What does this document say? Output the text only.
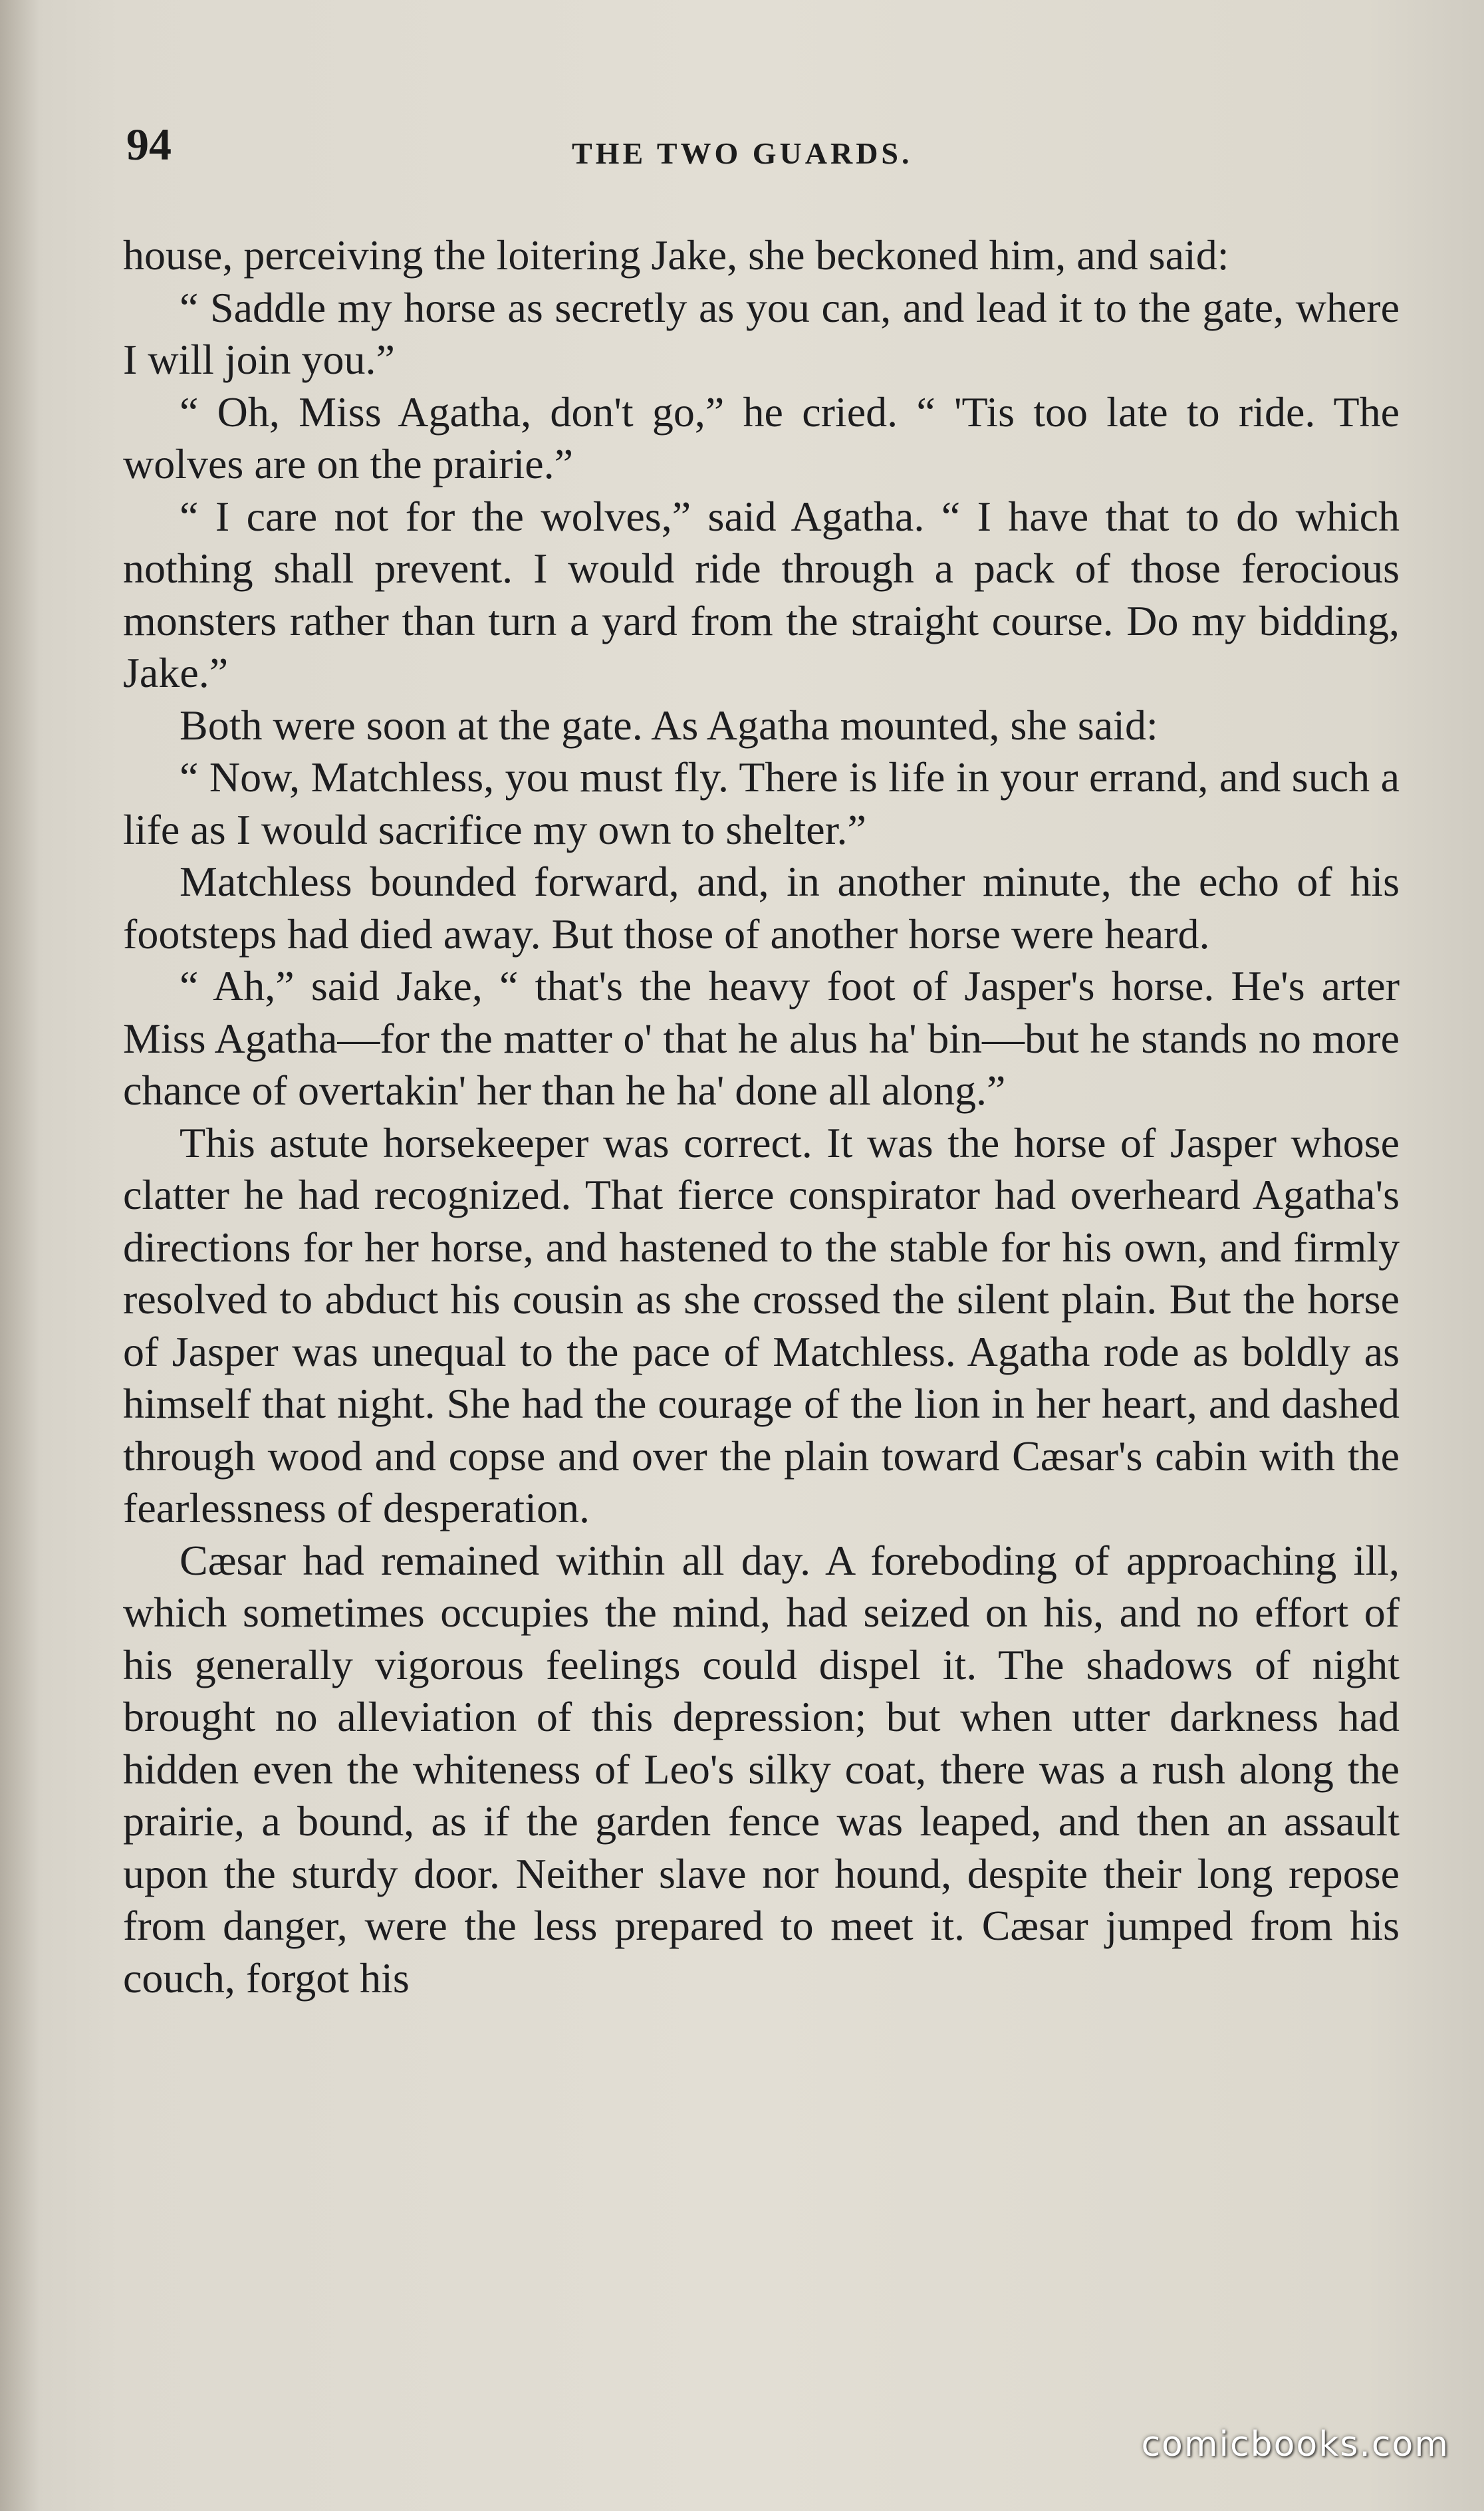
94	THE TWO GUARDS.

house, perceiving the loitering Jake, she beckoned him, and said:

“ Saddle my horse as secretly as you can, and lead it to the gate, where I will join you.”

“ Oh, Miss Agatha, don't go,” he cried. “ 'Tis too late to ride. The wolves are on the prairie.”

“ I care not for the wolves,” said Agatha. “ I have that to do which nothing shall prevent. I would ride through a pack of those ferocious monsters rather than turn a yard from the straight course. Do my bidding, Jake.”

Both were soon at the gate. As Agatha mounted, she said:

“ Now, Matchless, you must fly. There is life in your errand, and such a life as I would sacrifice my own to shelter.”

Matchless bounded forward, and, in another minute, the echo of his footsteps had died away. But those of another horse were heard.

“ Ah,” said Jake, “ that's the heavy foot of Jasper's horse. He's arter Miss Agatha—for the matter o' that he alus ha' bin—but he stands no more chance of overtakin' her than he ha' done all along.”

This astute horsekeeper was correct. It was the horse of Jasper whose clatter he had recognized. That fierce conspirator had overheard Agatha's directions for her horse, and hastened to the stable for his own, and firmly resolved to abduct his cousin as she crossed the silent plain. But the horse of Jasper was unequal to the pace of Matchless. Agatha rode as boldly as himself that night. She had the courage of the lion in her heart, and dashed through wood and copse and over the plain toward Cæsar's cabin with the fearlessness of desperation.

Cæsar had remained within all day. A foreboding of approaching ill, which sometimes occupies the mind, had seized on his, and no effort of his generally vigorous feelings could dispel it. The shadows of night brought no alleviation of this depression; but when utter darkness had hidden even the whiteness of Leo's silky coat, there was a rush along the prairie, a bound, as if the garden fence was leaped, and then an assault upon the sturdy door. Neither slave nor hound, despite their long repose from danger, were the less prepared to meet it. Cæsar jumped from his couch, forgot his

comicbooks.com
